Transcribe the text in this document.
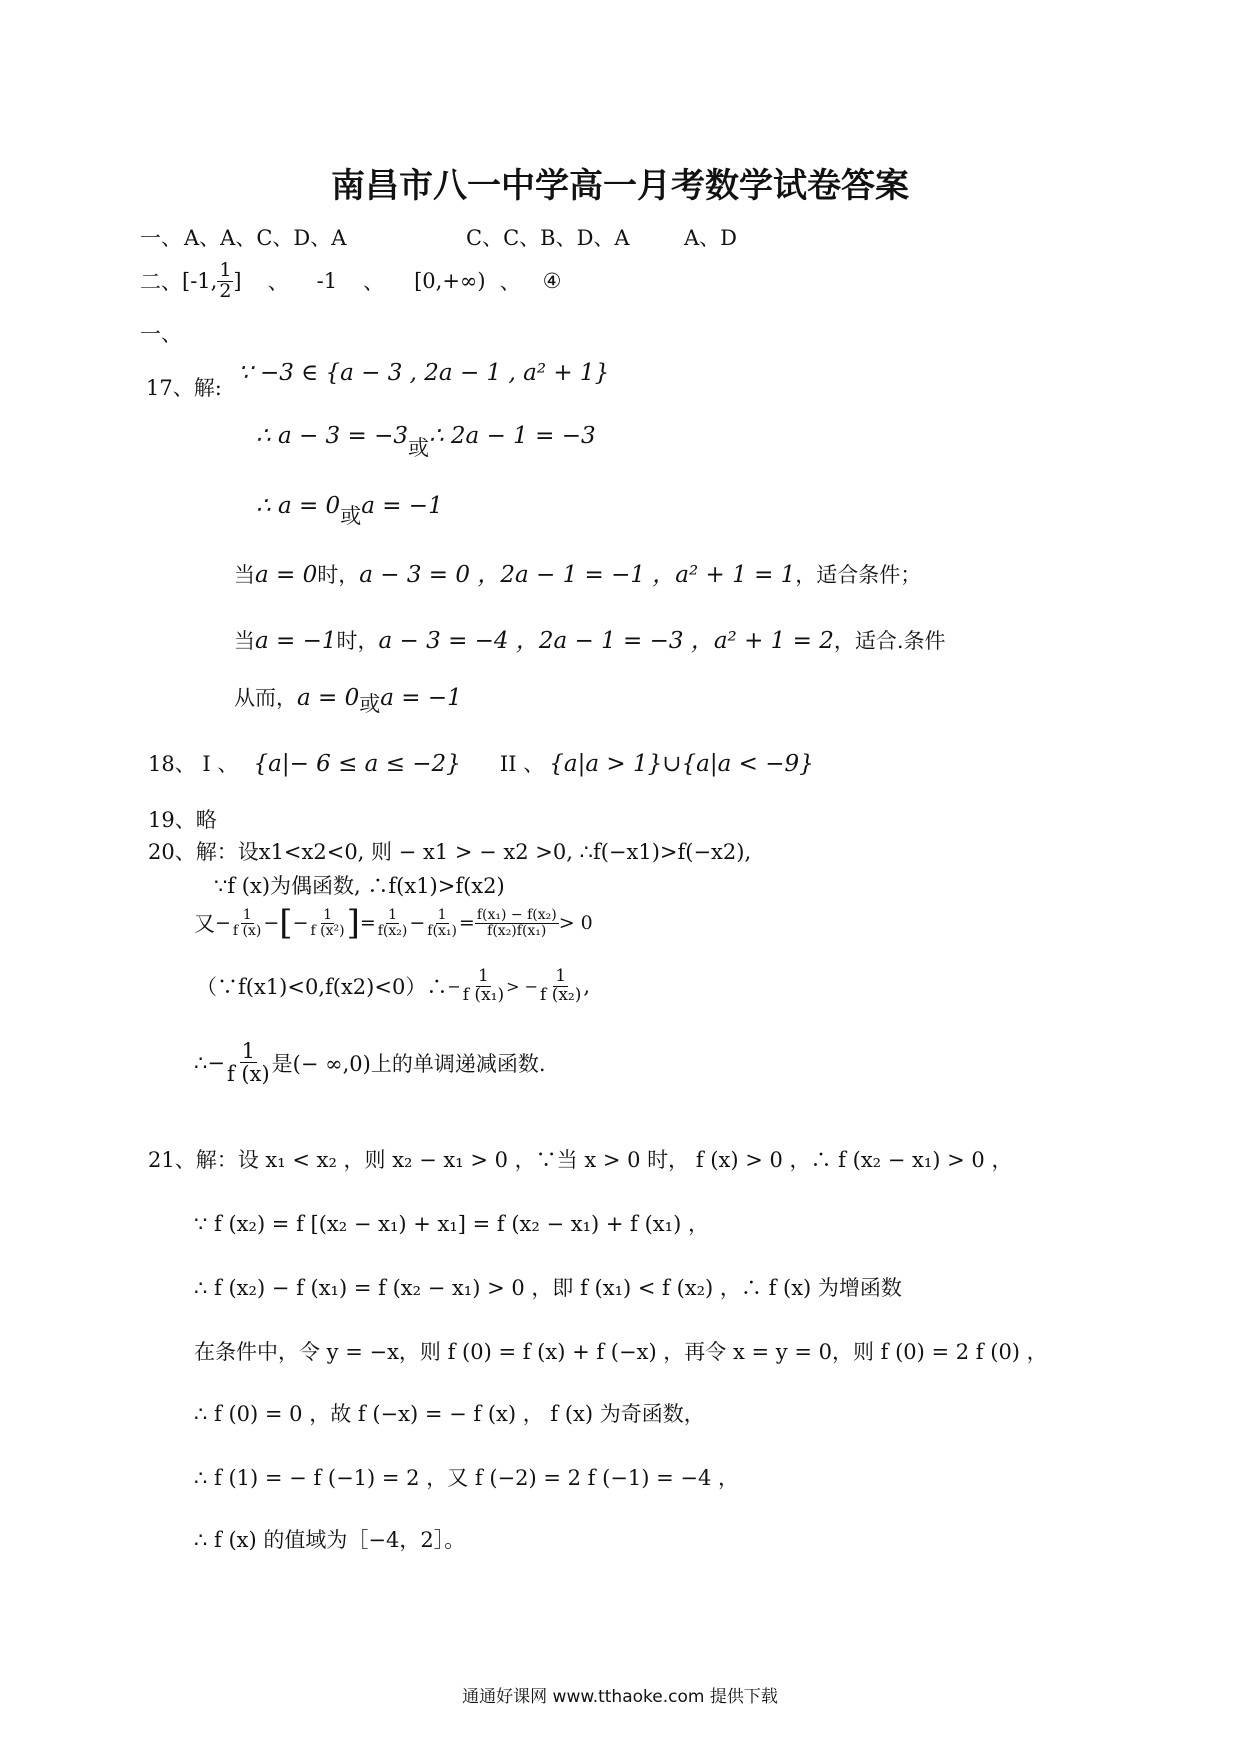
南昌市八一中学高一月考数学试卷答案
一、 A、A、C、D、A	C、C、B、D、A	A、D
二、 [-1, $\frac{1}{2}$ ] 、 -1 、 [0,+∞) 、 ④
一、
17、解:
∵ −3 ∈ {a − 3 , 2a − 1 , a² + 1}
∴ a − 3 = −3或∴ 2a − 1 = −3
∴ a = 0或a = −1
当a = 0时，a − 3 = 0 ，2a − 1 = −1 ，a² + 1 = 1，适合条件；
当a = −1时，a − 3 = −4 ，2a − 1 = −3 ，a² + 1 = 2，适合.条件
从而，a = 0或a = −1
18、 I 、 {a|− 6 ≤ a ≤ −2} II 、 {a|a > 1}∪{a|a < −9}
19、略
20、解：设x1<x2<0, 则 − x1 > − x2 >0, ∴f(−x1)>f(−x2),
∵f (x)为偶函数, ∴f(x1)>f(x2)
又 − $\frac{1}{f (x)}$ − [ − $\frac{1}{\text{f (x²)}}$ ] = $\frac{1}{\text{f(x₂)}} - \frac{1}{\text{f(x₁)}} = \frac{\text{f(x₁) − f(x₂)}}{\text{f(x₂)f(x₁)}} > 0$
（∵f(x1)<0,f(x2)<0）∴ − $\frac{1}{\text{f (x₁)}}$ > − $\frac{1}{\text{f (x₂)}}$ ,
∴ − $\frac{1}{f (x)}$ 是(− ∞,0)上的单调递减函数.
21、解：设 x₁ < x₂ ，则 x₂ − x₁ > 0 ，∵当 x > 0 时， f (x) > 0 ，∴ f (x₂ − x₁) > 0 ，
∵ f (x₂) = f [(x₂ − x₁) + x₁] = f (x₂ − x₁) + f (x₁) ，
∴ f (x₂) − f (x₁) = f (x₂ − x₁) > 0 ，即 f (x₁) < f (x₂) ，∴ f (x) 为增函数
在条件中，令 y = −x，则 f (0) = f (x) + f (−x) ，再令 x = y = 0，则 f (0) = 2 f (0) ，
∴ f (0) = 0 ，故 f (−x) = − f (x) ， f (x) 为奇函数，
∴ f (1) = − f (−1) = 2 ，又 f (−2) = 2 f (−1) = −4 ，
∴ f (x) 的值域为［−4，2］。
通通好课网 www.tthaoke.com 提供下载
